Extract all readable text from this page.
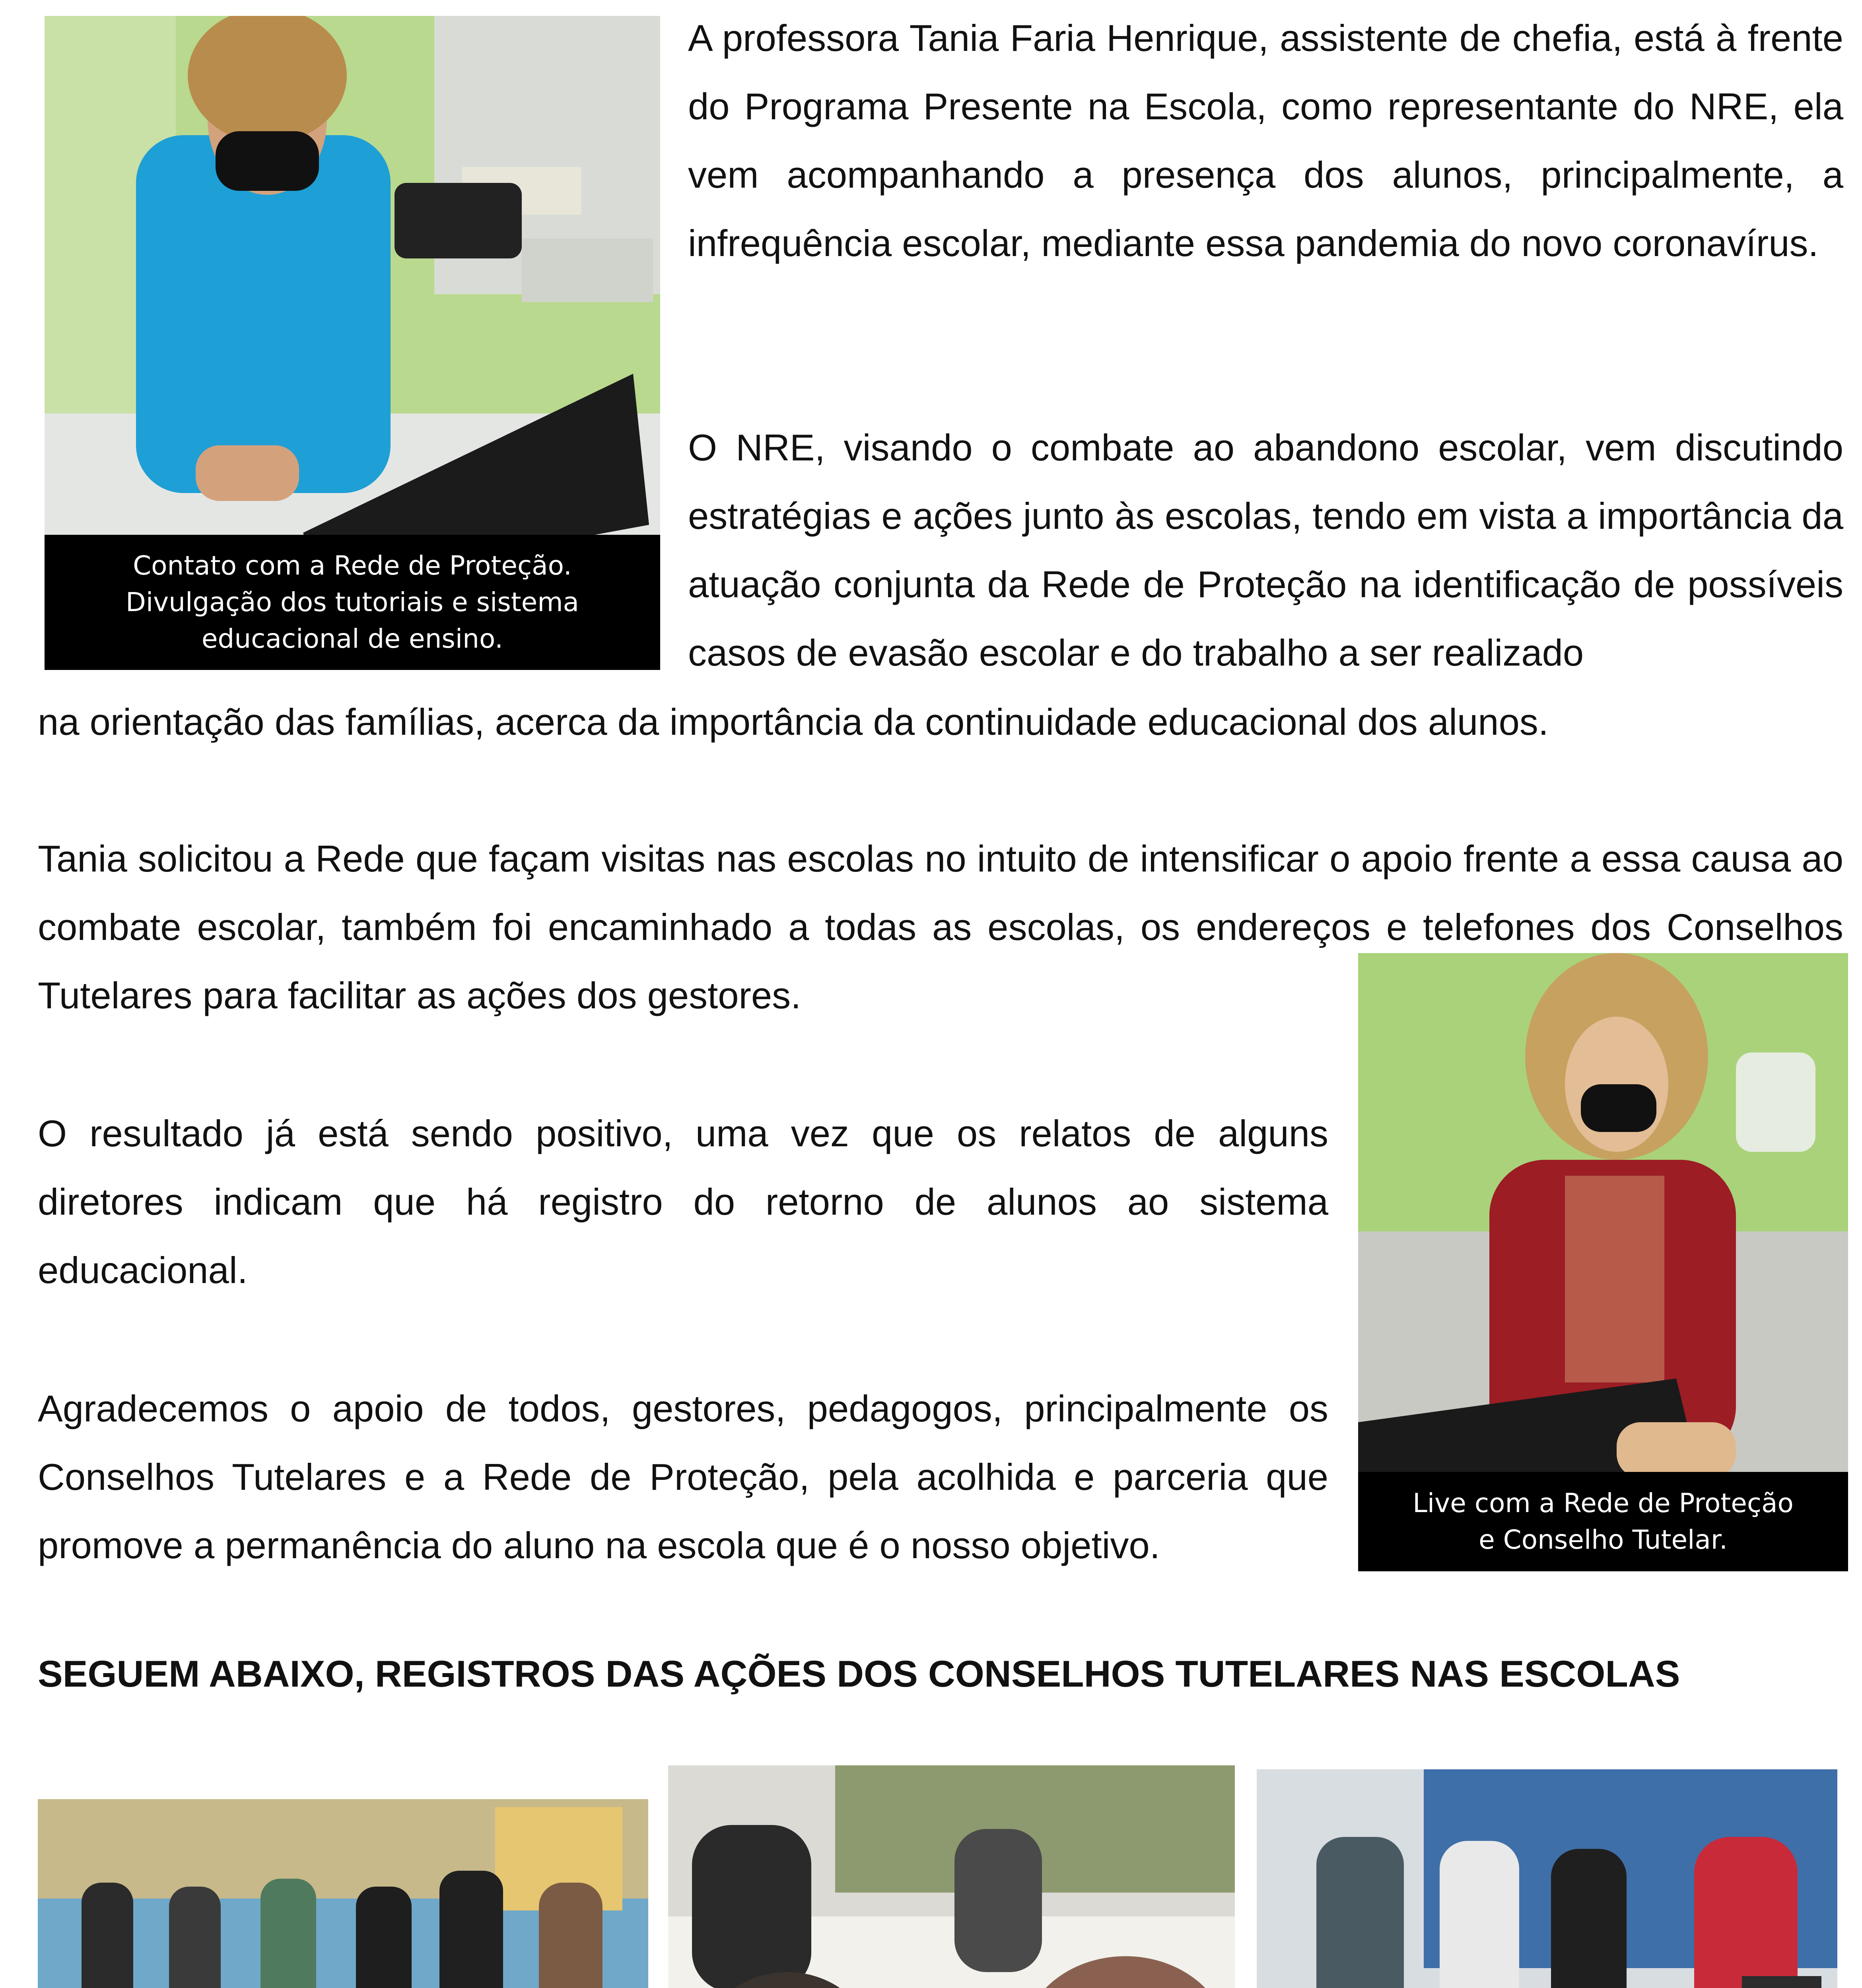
Contato com a Rede de Proteção.
Divulgação dos tutoriais e sistema
educacional de ensino.

A professora Tania Faria Henrique, assistente de chefia, está à frente do Programa Presente na Escola, como representante do NRE, ela vem acompanhando a presença dos alunos, principalmente, a infrequência escolar, mediante essa pandemia do novo coronavírus.

O NRE, visando o combate ao abandono escolar, vem discutindo estratégias e ações junto às escolas, tendo em vista a importância da atuação conjunta da Rede de Proteção na identificação de possíveis casos de evasão escolar e do trabalho a ser realizado

na orientação das famílias, acerca da importância da continuidade educacional dos alunos.

Tania solicitou a Rede que façam visitas nas escolas no intuito de intensificar o apoio frente a essa causa ao combate escolar, também foi encaminhado a todas as escolas, os endereços e telefones dos Conselhos Tutelares para facilitar as ações dos gestores.

Live com a Rede de Proteção
e Conselho Tutelar.

O resultado já está sendo positivo, uma vez que os relatos de alguns diretores indicam que há registro do retorno de alunos ao sistema educacional.

Agradecemos o apoio de todos, gestores, pedagogos, principalmente os Conselhos Tutelares e a Rede de Proteção, pela acolhida e parceria que promove a permanência do aluno na escola que é o nosso objetivo.

SEGUEM ABAIXO, REGISTROS DAS AÇÕES DOS CONSELHOS TUTELARES NAS ESCOLAS
